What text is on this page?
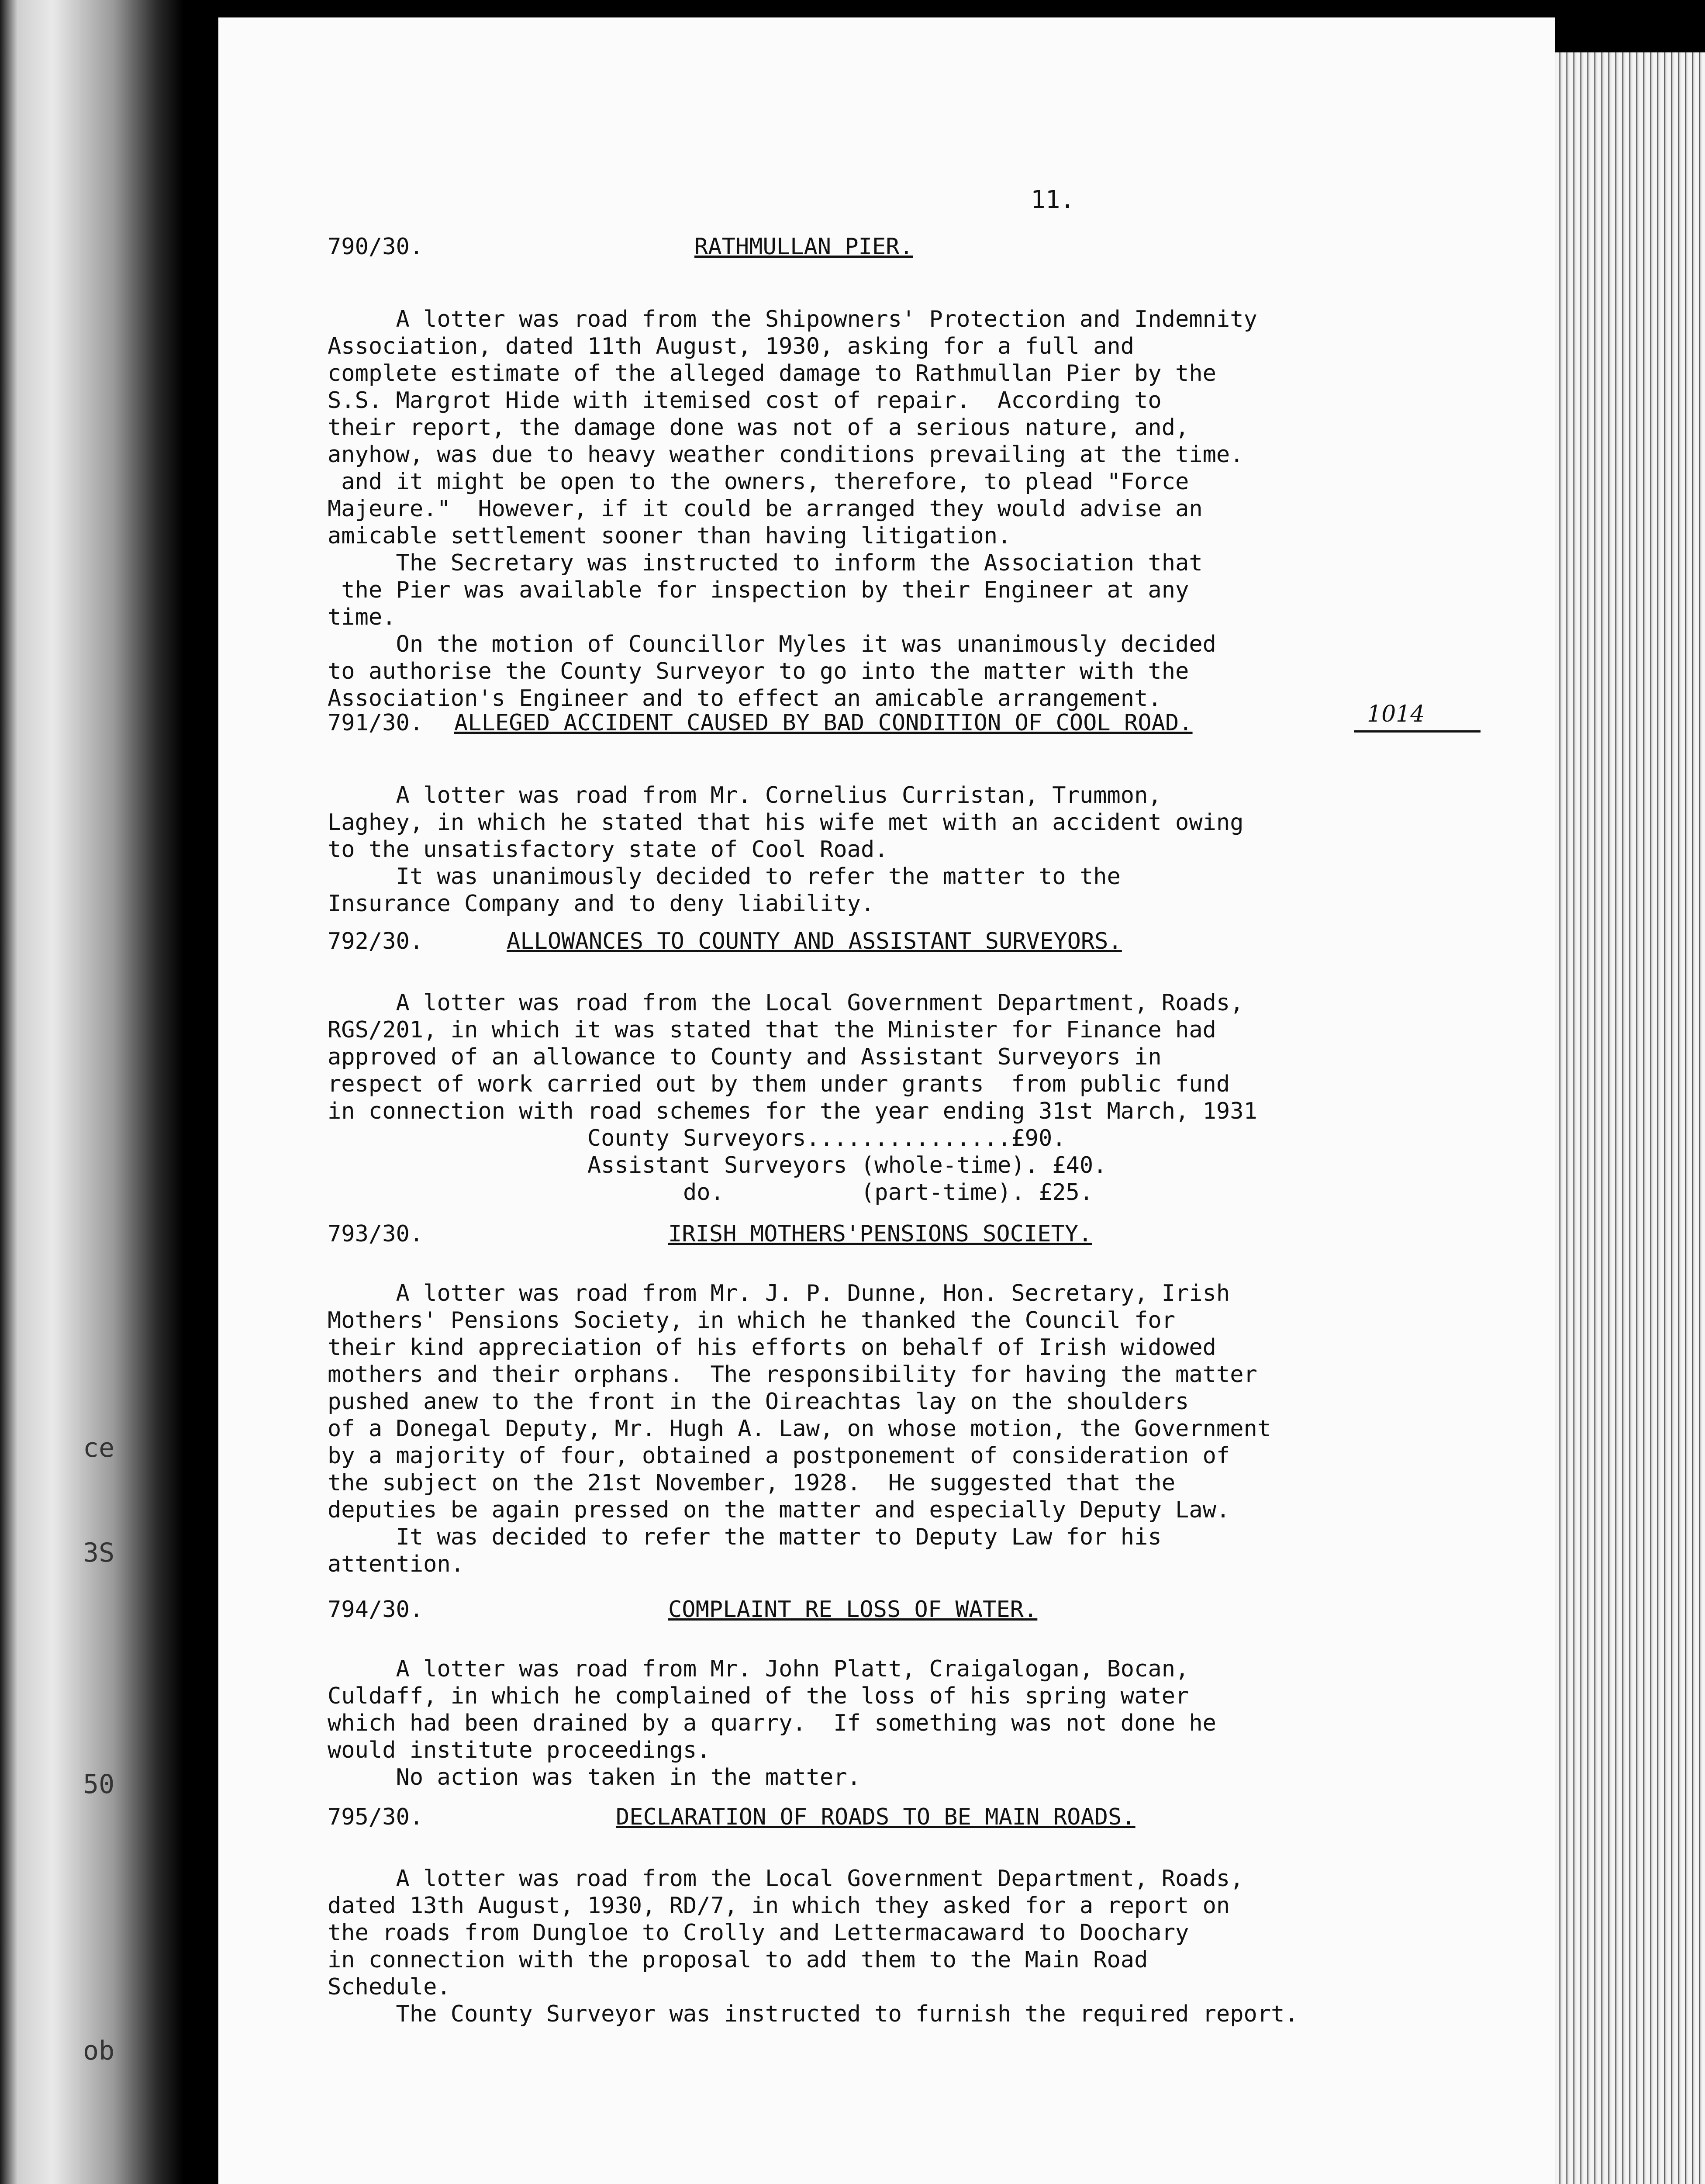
ce
3S
50
ob
11.
790/30.	RATHMULLAN PIER.
A lotter was road from the Shipowners' Protection and Indemnity
Association, dated 11th August, 1930, asking for a full and
complete estimate of the alleged damage to Rathmullan Pier by the
S.S. Margrot Hide with itemised cost of repair.  According to
their report, the damage done was not of a serious nature, and,
anyhow, was due to heavy weather conditions prevailing at the time.
and it might be open to the owners, therefore, to plead "Force
Majeure."  However, if it could be arranged they would advise an
amicable settlement sooner than having litigation.
The Secretary was instructed to inform the Association that
the Pier was available for inspection by their Engineer at any
time.
On the motion of Councillor Myles it was unanimously decided
to authorise the County Surveyor to go into the matter with the
Association's Engineer and to effect an amicable arrangement.
791/30. ALLEGED ACCIDENT CAUSED BY BAD CONDITION OF COOL ROAD.	1014
A lotter was road from Mr. Cornelius Curristan, Trummon,
Laghey, in which he stated that his wife met with an accident owing
to the unsatisfactory state of Cool Road.
It was unanimously decided to refer the matter to the
Insurance Company and to deny liability.
792/30.	ALLOWANCES TO COUNTY AND ASSISTANT SURVEYORS.
A lotter was road from the Local Government Department, Roads,
RGS/201, in which it was stated that the Minister for Finance had
approved of an allowance to County and Assistant Surveyors in
respect of work carried out by them under grants  from public fund
in connection with road schemes for the year ending 31st March, 1931
County Surveyors...............£90.
Assistant Surveyors (whole-time). £40.
do.          (part-time). £25.
793/30.	IRISH MOTHERS'PENSIONS SOCIETY.
A lotter was road from Mr. J. P. Dunne, Hon. Secretary, Irish
Mothers' Pensions Society, in which he thanked the Council for
their kind appreciation of his efforts on behalf of Irish widowed
mothers and their orphans.  The responsibility for having the matter
pushed anew to the front in the Oireachtas lay on the shoulders
of a Donegal Deputy, Mr. Hugh A. Law, on whose motion, the Government
by a majority of four, obtained a postponement of consideration of
the subject on the 21st November, 1928.  He suggested that the
deputies be again pressed on the matter and especially Deputy Law.
It was decided to refer the matter to Deputy Law for his
attention.
794/30.	COMPLAINT RE LOSS OF WATER.
A lotter was road from Mr. John Platt, Craigalogan, Bocan,
Culdaff, in which he complained of the loss of his spring water
which had been drained by a quarry.  If something was not done he
would institute proceedings.
No action was taken in the matter.
795/30.	DECLARATION OF ROADS TO BE MAIN ROADS.
A lotter was road from the Local Government Department, Roads,
dated 13th August, 1930, RD/7, in which they asked for a report on
the roads from Dungloe to Crolly and Lettermacaward to Doochary
in connection with the proposal to add them to the Main Road
Schedule.
The County Surveyor was instructed to furnish the required report.
